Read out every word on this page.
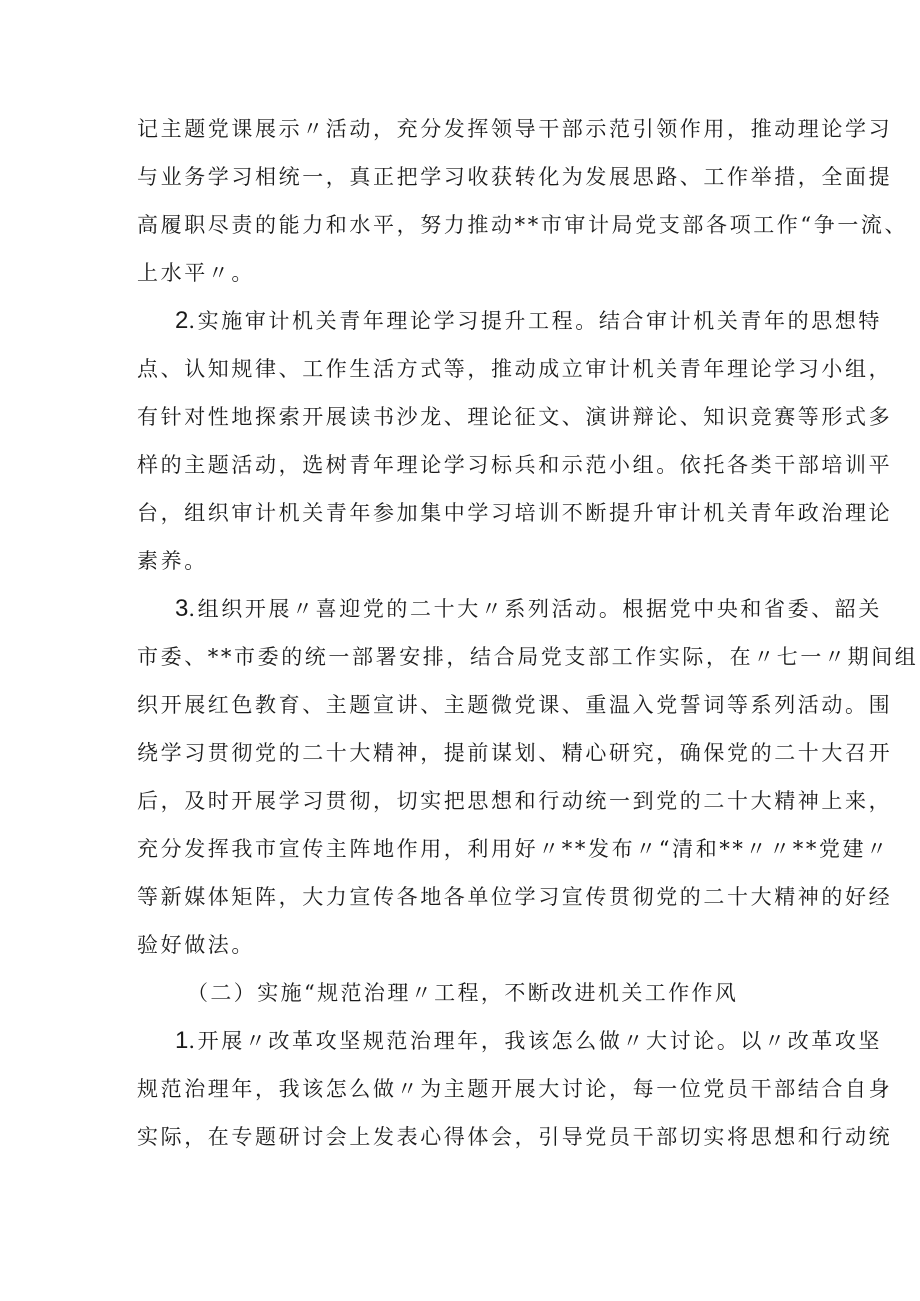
记主题党课展示〃活动，充分发挥领导干部示范引领作用，推动理论学习
与业务学习相统一，真正把学习收获转化为发展思路、工作举措，全面提
高履职尽责的能力和水平，努力推动**市审计局党支部各项工作“争一流、
上水平〃。
2.实施审计机关青年理论学习提升工程。结合审计机关青年的思想特
点、认知规律、工作生活方式等，推动成立审计机关青年理论学习小组，
有针对性地探索开展读书沙龙、理论征文、演讲辩论、知识竞赛等形式多
样的主题活动，选树青年理论学习标兵和示范小组。依托各类干部培训平
台，组织审计机关青年参加集中学习培训不断提升审计机关青年政治理论
素养。
3.组织开展〃喜迎党的二十大〃系列活动。根据党中央和省委、韶关
市委、**市委的统一部署安排，结合局党支部工作实际，在〃七一〃期间组
织开展红色教育、主题宣讲、主题微党课、重温入党誓词等系列活动。围
绕学习贯彻党的二十大精神，提前谋划、精心研究，确保党的二十大召开
后，及时开展学习贯彻，切实把思想和行动统一到党的二十大精神上来，
充分发挥我市宣传主阵地作用，利用好〃**发布〃“清和**〃〃**党建〃
等新媒体矩阵，大力宣传各地各单位学习宣传贯彻党的二十大精神的好经
验好做法。
（二）实施“规范治理〃工程，不断改进机关工作作风
1.开展〃改革攻坚规范治理年，我该怎么做〃大讨论。以〃改革攻坚
规范治理年，我该怎么做〃为主题开展大讨论，每一位党员干部结合自身
实际，在专题研讨会上发表心得体会，引导党员干部切实将思想和行动统
